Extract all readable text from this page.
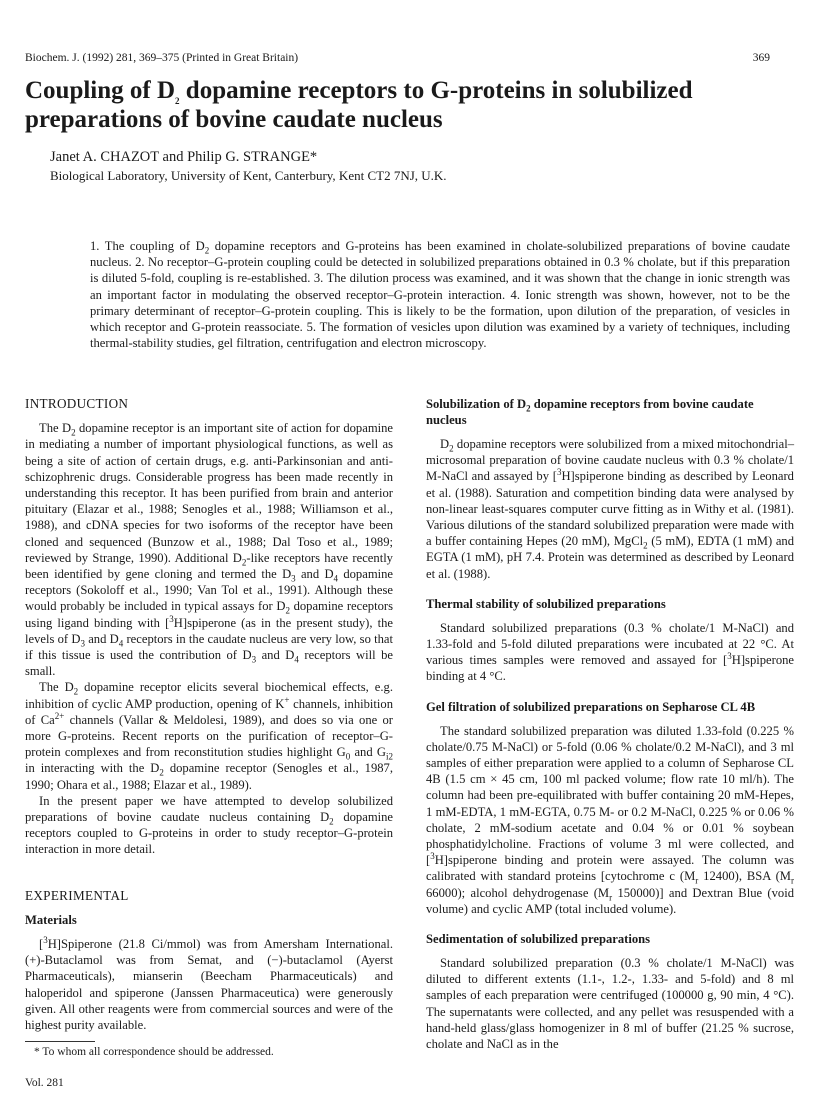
Biochem. J. (1992) 281, 369–375 (Printed in Great Britain)	369
Coupling of $D_2$ dopamine receptors to G-proteins in solubilized preparations of bovine caudate nucleus
Janet A. CHAZOT and Philip G. STRANGE*
Biological Laboratory, University of Kent, Canterbury, Kent CT2 7NJ, U.K.
1. The coupling of $D_2$ dopamine receptors and G-proteins has been examined in cholate-solubilized preparations of bovine caudate nucleus. 2. No receptor–G-protein coupling could be detected in solubilized preparations obtained in 0.3 % cholate, but if this preparation is diluted 5-fold, coupling is re-established. 3. The dilution process was examined, and it was shown that the change in ionic strength was an important factor in modulating the observed receptor–G-protein interaction. 4. Ionic strength was shown, however, not to be the primary determinant of receptor–G-protein coupling. This is likely to be the formation, upon dilution of the preparation, of vesicles in which receptor and G-protein reassociate. 5. The formation of vesicles upon dilution was examined by a variety of techniques, including thermal-stability studies, gel filtration, centrifugation and electron microscopy.
INTRODUCTION

The $D_2$ dopamine receptor is an important site of action for dopamine in mediating a number of important physiological functions, as well as being a site of action of certain drugs, e.g. anti-Parkinsonian and anti-schizophrenic drugs. Considerable progress has been made recently in understanding this receptor. It has been purified from brain and anterior pituitary (Elazar et al., 1988; Senogles et al., 1988; Williamson et al., 1988), and cDNA species for two isoforms of the receptor have been cloned and sequenced (Bunzow et al., 1988; Dal Toso et al., 1989; reviewed by Strange, 1990). Additional $D_2$-like receptors have recently been identified by gene cloning and termed the $D_3$ and $D_4$ dopamine receptors (Sokoloff et al., 1990; Van Tol et al., 1991). Although these would probably be included in typical assays for $D_2$ dopamine receptors using ligand binding with [$^3$H]spiperone (as in the present study), the levels of $D_3$ and $D_4$ receptors in the caudate nucleus are very low, so that if this tissue is used the contribution of $D_3$ and $D_4$ receptors will be small.

The $D_2$ dopamine receptor elicits several biochemical effects, e.g. inhibition of cyclic AMP production, opening of K+ channels, inhibition of $Ca^{2+}$ channels (Vallar & Meldolesi, 1989), and does so via one or more G-proteins. Recent reports on the purification of receptor–G-protein complexes and from reconstitution studies highlight $G_0$ and $G_{i2}$ in interacting with the $D_2$ dopamine receptor (Senogles et al., 1987, 1990; Ohara et al., 1988; Elazar et al., 1989).

In the present paper we have attempted to develop solubilized preparations of bovine caudate nucleus containing $D_2$ dopamine receptors coupled to G-proteins in order to study receptor–G-protein interaction in more detail.

EXPERIMENTAL
Materials

[$^3$H]Spiperone (21.8 Ci/mmol) was from Amersham International. (+)-Butaclamol was from Semat, and (−)-butaclamol (Ayerst Pharmaceuticals), mianserin (Beecham Pharmaceuticals) and haloperidol and spiperone (Janssen Pharmaceutica) were generously given. All other reagents were from commercial sources and were of the highest purity available.

Solubilization of $D_2$ dopamine receptors from bovine caudate nucleus

$D_2$ dopamine receptors were solubilized from a mixed mitochondrial–microsomal preparation of bovine caudate nucleus with 0.3 % cholate/1 M-NaCl and assayed by [$^3$H]spiperone binding as described by Leonard et al. (1988). Saturation and competition binding data were analysed by non-linear least-squares computer curve fitting as in Withy et al. (1981). Various dilutions of the standard solubilized preparation were made with a buffer containing Hepes (20 mM), MgCl$_2$ (5 mM), EDTA (1 mM) and EGTA (1 mM), pH 7.4. Protein was determined as described by Leonard et al. (1988).

Thermal stability of solubilized preparations

Standard solubilized preparations (0.3 % cholate/1 M-NaCl) and 1.33-fold and 5-fold diluted preparations were incubated at 22 °C. At various times samples were removed and assayed for [$^3$H]spiperone binding at 4 °C.

Gel filtration of solubilized preparations on Sepharose CL 4B

The standard solubilized preparation was diluted 1.33-fold (0.225 % cholate/0.75 M-NaCl) or 5-fold (0.06 % cholate/0.2 M-NaCl), and 3 ml samples of either preparation were applied to a column of Sepharose CL 4B (1.5 cm × 45 cm, 100 ml packed volume; flow rate 10 ml/h). The column had been pre-equilibrated with buffer containing 20 mM-Hepes, 1 mM-EDTA, 1 mM-EGTA, 0.75 M- or 0.2 M-NaCl, 0.225 % or 0.06 % cholate, 2 mM-sodium acetate and 0.04 % or 0.01 % soybean phosphatidylcholine. Fractions of volume 3 ml were collected, and [$^3$H]spiperone binding and protein were assayed. The column was calibrated with standard proteins [cytochrome c ($M_r$ 12400), BSA ($M_r$ 66000); alcohol dehydrogenase ($M_r$ 150000)] and Dextran Blue (void volume) and cyclic AMP (total included volume).

Sedimentation of solubilized preparations

Standard solubilized preparation (0.3 % cholate/1 M-NaCl) was diluted to different extents (1.1-, 1.2-, 1.33- and 5-fold) and 8 ml samples of each preparation were centrifuged (100000 g, 90 min, 4 °C). The supernatants were collected, and any pellet was resuspended with a hand-held glass/glass homogenizer in 8 ml of buffer (21.25 % sucrose, cholate and NaCl as in the

* To whom all correspondence should be addressed.
Vol. 281
